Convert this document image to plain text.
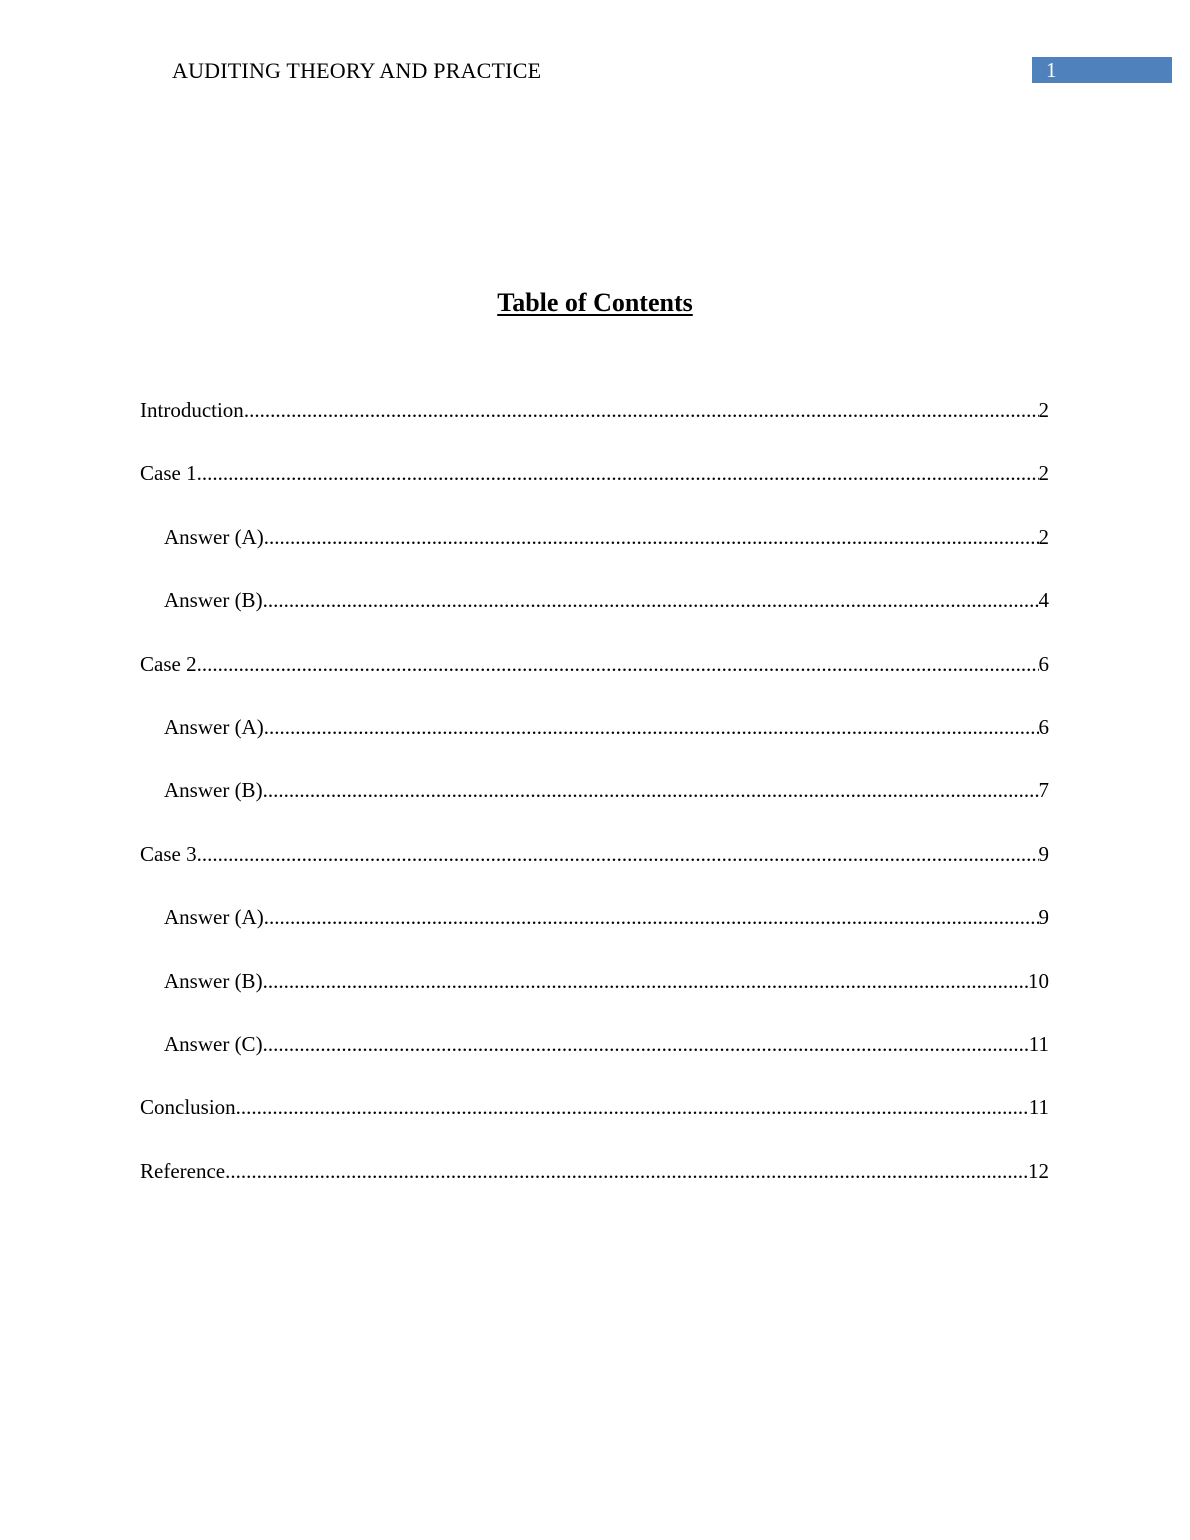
AUDITING THEORY AND PRACTICE	1
Table of Contents
Introduction .....	2
Case 1 .....	2
Answer (A) .....	2
Answer (B) .....	4
Case 2 .....	6
Answer (A) .....	6
Answer (B) .....	7
Case 3 .....	9
Answer (A) .....	9
Answer (B) .....	10
Answer (C) .....	11
Conclusion .....	11
Reference .....	12
